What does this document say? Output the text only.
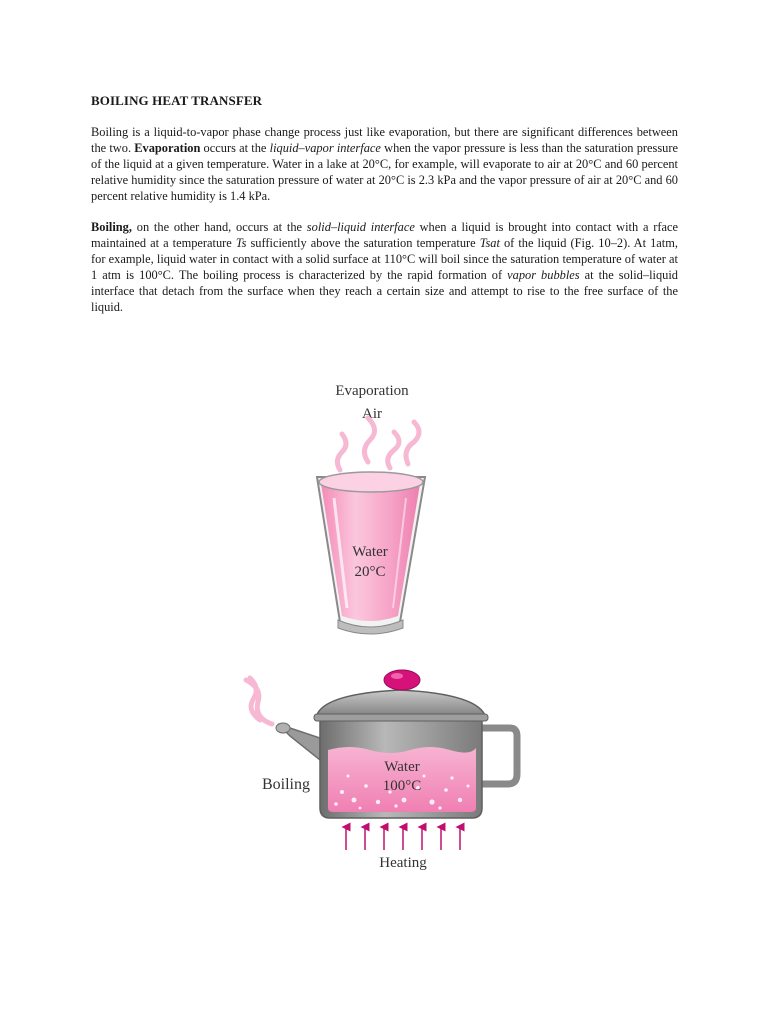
BOILING HEAT TRANSFER

Boiling is a liquid-to-vapor phase change process just like evaporation, but there are significant differences between the two. Evaporation occurs at the liquid–vapor interface when the vapor pressure is less than the saturation pressure of the liquid at a given temperature. Water in a lake at 20°C, for example, will evaporate to air at 20°C and 60 percent relative humidity since the saturation pressure of water at 20°C is 2.3 kPa and the vapor pressure of air at 20°C and 60 percent relative humidity is 1.4 kPa.

Boiling, on the other hand, occurs at the solid–liquid interface when a liquid is brought into contact with a rface maintained at a temperature Ts sufficiently above the saturation temperature Tsat of the liquid (Fig. 10–2). At 1atm, for example, liquid water in contact with a solid surface at 110°C will boil since the saturation temperature of water at 1 atm is 100°C. The boiling process is characterized by the rapid formation of vapor bubbles at the solid–liquid interface that detach from the surface when they reach a certain size and attempt to rise to the free surface of the liquid.

Evaporation
Air
Water
20°C
Water
100°C
Boiling
Heating
